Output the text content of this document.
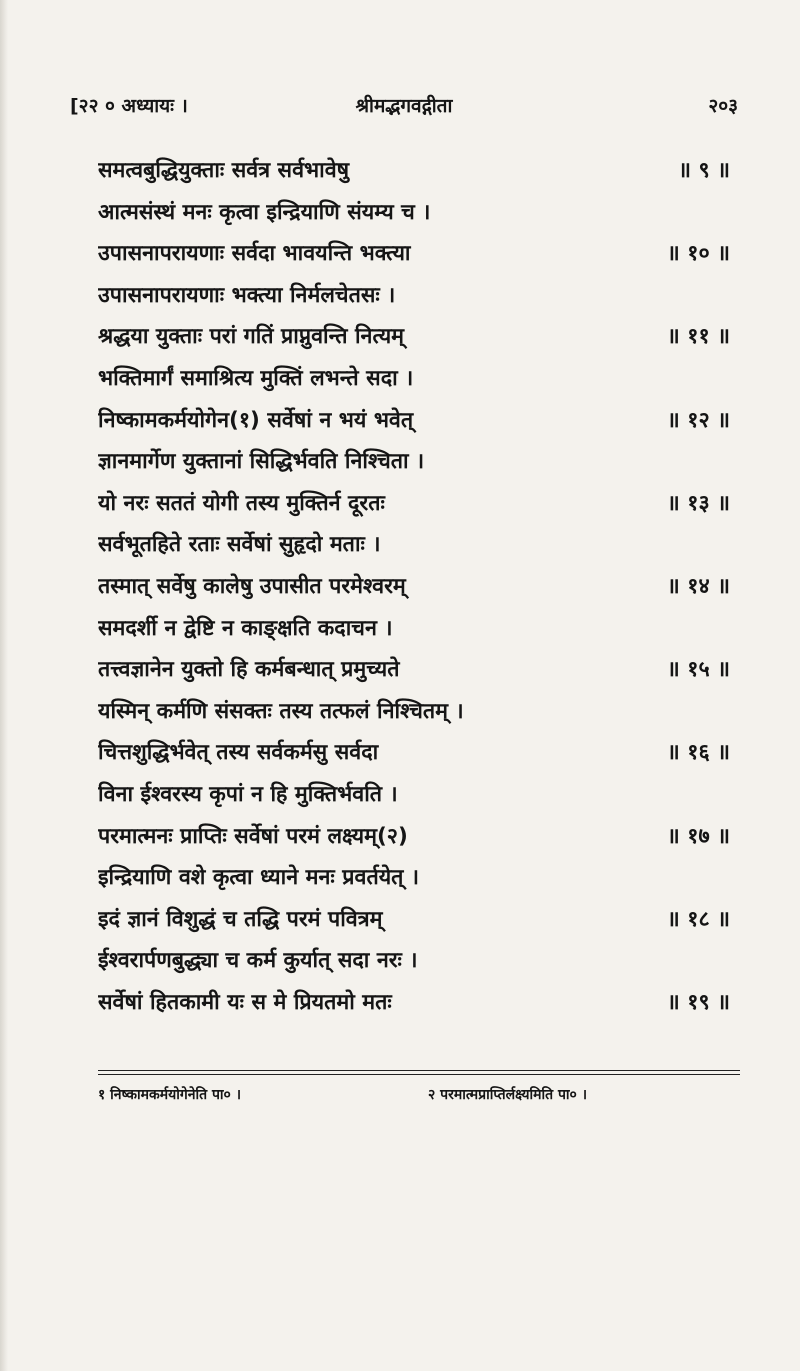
[२२ ० अध्यायः ।	श्रीमद्भगवद्गीता	२०३
समत्वबुद्धियुक्ताः सर्वत्र सर्वभावेषु	॥ ९ ॥
आत्मसंस्थं मनः कृत्वा इन्द्रियाणि संयम्य च ।
उपासनापरायणाः सर्वदा भावयन्ति भक्त्या	॥ १० ॥
उपासनापरायणाः भक्त्या निर्मलचेतसः ।
श्रद्धया युक्ताः परां गतिं प्राप्नुवन्ति नित्यम्	॥ ११ ॥
भक्तिमार्गं समाश्रित्य मुक्तिं लभन्ते सदा ।
निष्कामकर्मयोगेन(१) सर्वेषां न भयं भवेत्	॥ १२ ॥
ज्ञानमार्गेण युक्तानां सिद्धिर्भवति निश्चिता ।
यो नरः सततं योगी तस्य मुक्तिर्न दूरतः	॥ १३ ॥
सर्वभूतहिते रताः सर्वेषां सुहृदो मताः ।
तस्मात् सर्वेषु कालेषु उपासीत परमेश्वरम्	॥ १४ ॥
समदर्शी न द्वेष्टि न काङ्क्षति कदाचन ।
तत्त्वज्ञानेन युक्तो हि कर्मबन्धात् प्रमुच्यते	॥ १५ ॥
यस्मिन् कर्मणि संसक्तः तस्य तत्फलं निश्चितम् ।
चित्तशुद्धिर्भवेत् तस्य सर्वकर्मसु सर्वदा	॥ १६ ॥
विना ईश्वरस्य कृपां न हि मुक्तिर्भवति ।
परमात्मनः प्राप्तिः सर्वेषां परमं लक्ष्यम्(२)	॥ १७ ॥
इन्द्रियाणि वशे कृत्वा ध्याने मनः प्रवर्तयेत् ।
इदं ज्ञानं विशुद्धं च तद्धि परमं पवित्रम्	॥ १८ ॥
ईश्वरार्पणबुद्ध्या च कर्म कुर्यात् सदा नरः ।
सर्वेषां हितकामी यः स मे प्रियतमो मतः	॥ १९ ॥
१ निष्कामकर्मयोगेनेति पा० ।	२ परमात्मप्राप्तिर्लक्ष्यमिति पा० ।
